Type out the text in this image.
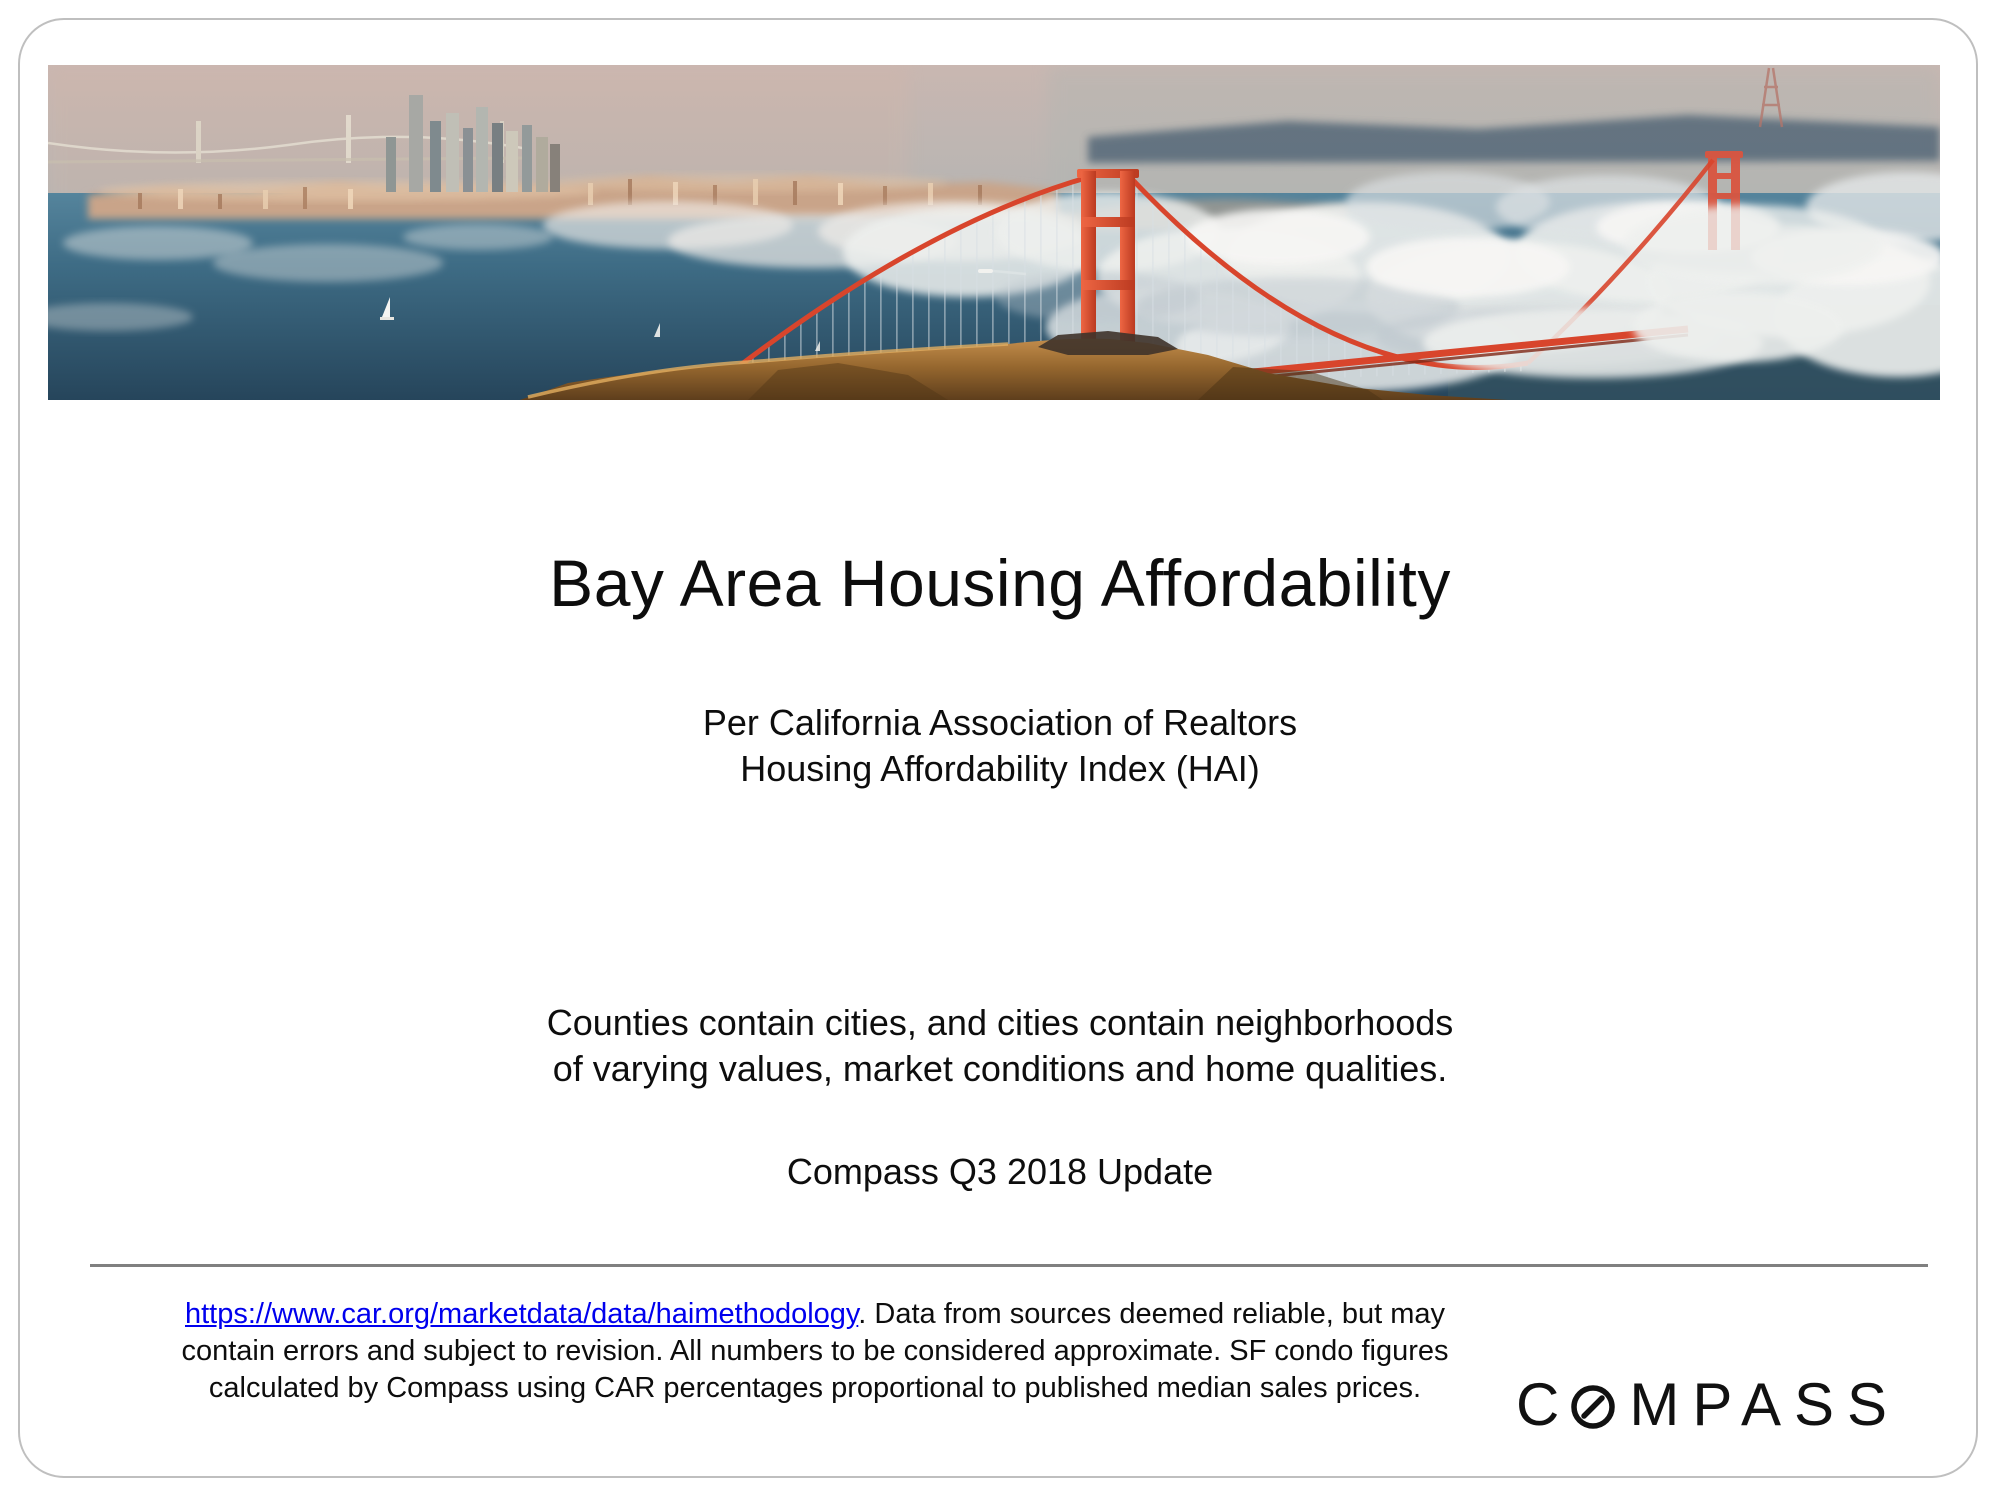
Bay Area Housing Affordability
Per California Association of Realtors
Housing Affordability Index (HAI)
Counties contain cities, and cities contain neighborhoods
of varying values, market conditions and home qualities.
Compass Q3 2018 Update
https://www.car.org/marketdata/data/haimethodology. Data from sources deemed reliable, but may
contain errors and subject to revision. All numbers to be considered approximate. SF condo figures
calculated by Compass using CAR percentages proportional to published median sales prices.	C MPASS
